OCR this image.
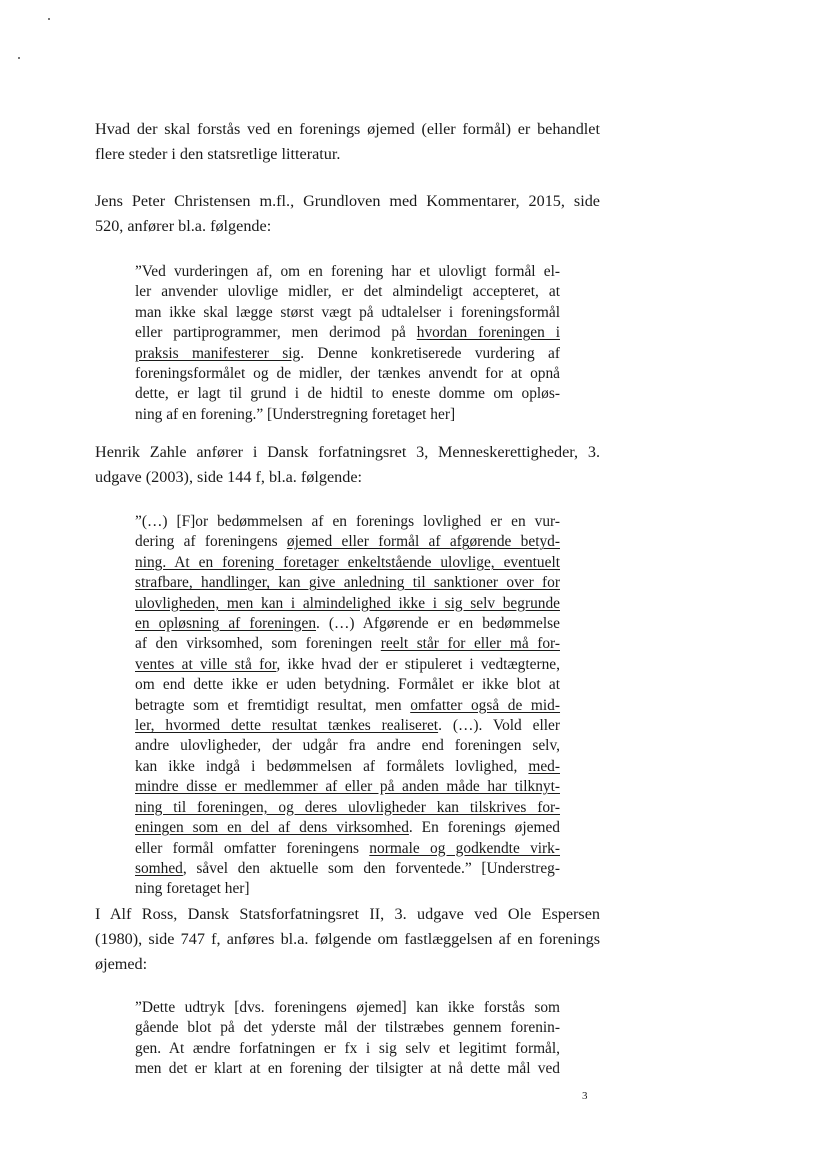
Hvad der skal forstås ved en forenings øjemed (eller formål) er behandlet
flere steder i den statsretlige litteratur.
Jens Peter Christensen m.fl., Grundloven med Kommentarer, 2015, side
520, anfører bl.a. følgende:
”Ved vurderingen af, om en forening har et ulovligt formål el-
ler anvender ulovlige midler, er det almindeligt accepteret, at
man ikke skal lægge størst vægt på udtalelser i foreningsformål
eller partiprogrammer, men derimod på hvordan foreningen i
praksis manifesterer sig. Denne konkretiserede vurdering af
foreningsformålet og de midler, der tænkes anvendt for at opnå
dette, er lagt til grund i de hidtil to eneste domme om opløs-
ning af en forening.” [Understregning foretaget her]
Henrik Zahle anfører i Dansk forfatningsret 3, Menneskerettigheder, 3.
udgave (2003), side 144 f, bl.a. følgende:
”(…) [F]or bedømmelsen af en forenings lovlighed er en vur-
dering af foreningens øjemed eller formål af afgørende betyd-
ning. At en forening foretager enkeltstående ulovlige, eventuelt
strafbare, handlinger, kan give anledning til sanktioner over for
ulovligheden, men kan i almindelighed ikke i sig selv begrunde
en opløsning af foreningen. (…) Afgørende er en bedømmelse
af den virksomhed, som foreningen reelt står for eller må for-
ventes at ville stå for, ikke hvad der er stipuleret i vedtægterne,
om end dette ikke er uden betydning. Formålet er ikke blot at
betragte som et fremtidigt resultat, men omfatter også de mid-
ler, hvormed dette resultat tænkes realiseret. (…). Vold eller
andre ulovligheder, der udgår fra andre end foreningen selv,
kan ikke indgå i bedømmelsen af formålets lovlighed, med-
mindre disse er medlemmer af eller på anden måde har tilknyt-
ning til foreningen, og deres ulovligheder kan tilskrives for-
eningen som en del af dens virksomhed. En forenings øjemed
eller formål omfatter foreningens normale og godkendte virk-
somhed, såvel den aktuelle som den forventede.” [Understreg-
ning foretaget her]
I Alf Ross, Dansk Statsforfatningsret II, 3. udgave ved Ole Espersen
(1980), side 747 f, anføres bl.a. følgende om fastlæggelsen af en forenings
øjemed:
”Dette udtryk [dvs. foreningens øjemed] kan ikke forstås som
gående blot på det yderste mål der tilstræbes gennem forenin-
gen. At ændre forfatningen er fx i sig selv et legitimt formål,
men det er klart at en forening der tilsigter at nå dette mål ved
3
